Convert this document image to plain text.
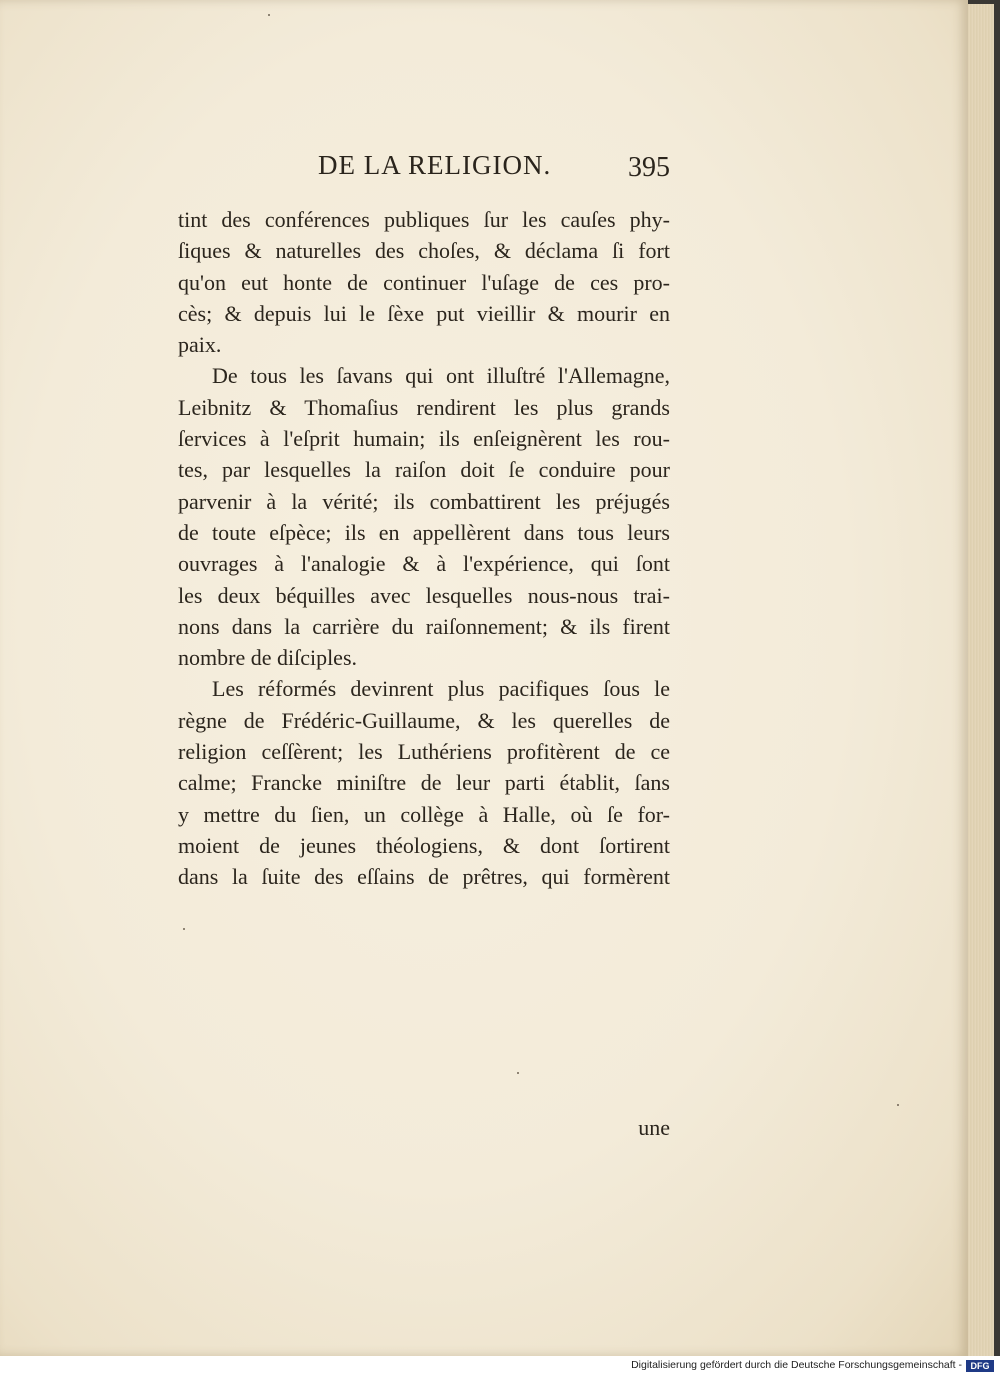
DE LA RELIGION.	395
tint des conférences publiques ſur les cauſes phy-
ſiques & naturelles des choſes, & déclama ſi fort
qu'on eut honte de continuer l'uſage de ces pro-
cès; & depuis lui le ſèxe put vieillir & mourir en
paix.
De tous les ſavans qui ont illuſtré l'Allemagne,
Leibnitz & Thomaſius rendirent les plus grands
ſervices à l'eſprit humain; ils enſeignèrent les rou-
tes, par lesquelles la raiſon doit ſe conduire pour
parvenir à la vérité; ils combattirent les préjugés
de toute eſpèce; ils en appellèrent dans tous leurs
ouvrages à l'analogie & à l'expérience, qui ſont
les deux béquilles avec lesquelles nous-nous trai-
nons dans la carrière du raiſonnement; & ils firent
nombre de diſciples.
Les réformés devinrent plus pacifiques ſous le
règne de Frédéric-Guillaume, & les querelles de
religion ceſſèrent; les Luthériens profitèrent de ce
calme; Francke miniſtre de leur parti établit, ſans
y mettre du ſien, un collège à Halle, où ſe for-
moient de jeunes théologiens, & dont ſortirent
dans la ſuite des eſſains de prêtres, qui formèrent
une
Digitalisierung gefördert durch die Deutsche Forschungsgemeinschaft - DFG
